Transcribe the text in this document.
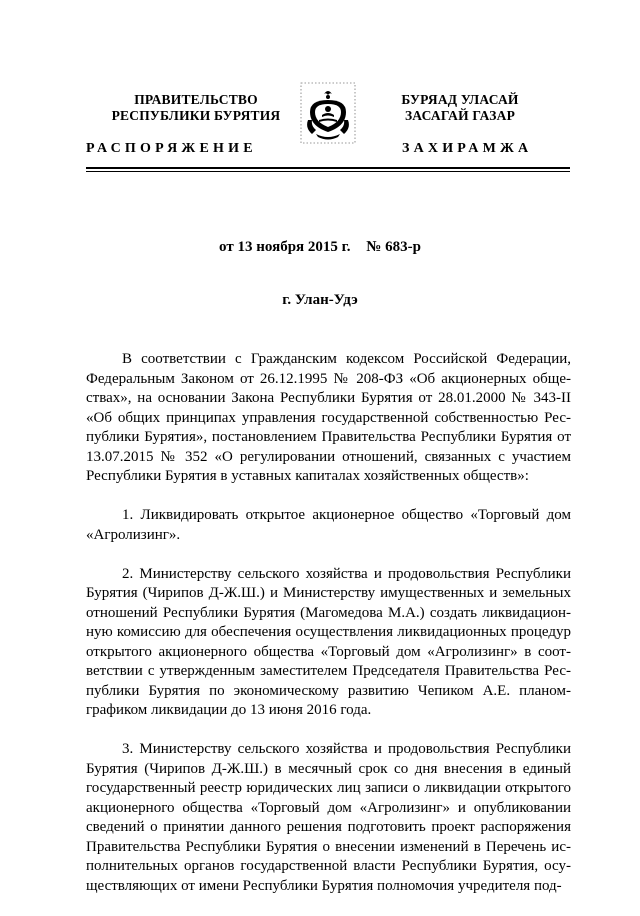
ПРАВИТЕЛЬСТВО
РЕСПУБЛИКИ БУРЯТИЯ
БУРЯАД УЛАСАЙ
ЗАСАГАЙ ГАЗАР
РАСПОРЯЖЕНИЕ	ЗАХИРАМЖА
от 13 ноября 2015 г. № 683-р
г. Улан-Удэ

В соответствии с Гражданским кодексом Российской Федерации, Федеральным Законом от 26.12.1995 № 208-ФЗ «Об акционерных обществах», на основании Закона Республики Бурятия от 28.01.2000 № 343-II «Об общих принципах управления государственной собственностью Республики Бурятия», постановлением Правительства Республики Бурятия от 13.07.2015 № 352 «О регулировании отношений, связанных с участием Республики Бурятия в уставных капиталах хозяйственных обществ»:

1. Ликвидировать открытое акционерное общество «Торговый дом «Агролизинг».

2. Министерству сельского хозяйства и продовольствия Республики Бурятия (Чирипов Д-Ж.Ш.) и Министерству имущественных и земельных отношений Республики Бурятия (Магомедова М.А.) создать ликвидационную комиссию для обеспечения осуществления ликвидационных процедур открытого акционерного общества «Торговый дом «Агролизинг» в соответствии с утвержденным заместителем Председателя Правительства Республики Бурятия по экономическому развитию Чепиком А.Е. планом-графиком ликвидации до 13 июня 2016 года.

3. Министерству сельского хозяйства и продовольствия Республики Бурятия (Чирипов Д-Ж.Ш.) в месячный срок со дня внесения в единый государственный реестр юридических лиц записи о ликвидации открытого акционерного общества «Торговый дом «Агролизинг» и опубликовании сведений о принятии данного решения подготовить проект распоряжения Правительства Республики Бурятия о внесении изменений в Перечень исполнительных органов государственной власти Республики Бурятия, осуществляющих от имени Республики Бурятия полномочия учредителя под-
